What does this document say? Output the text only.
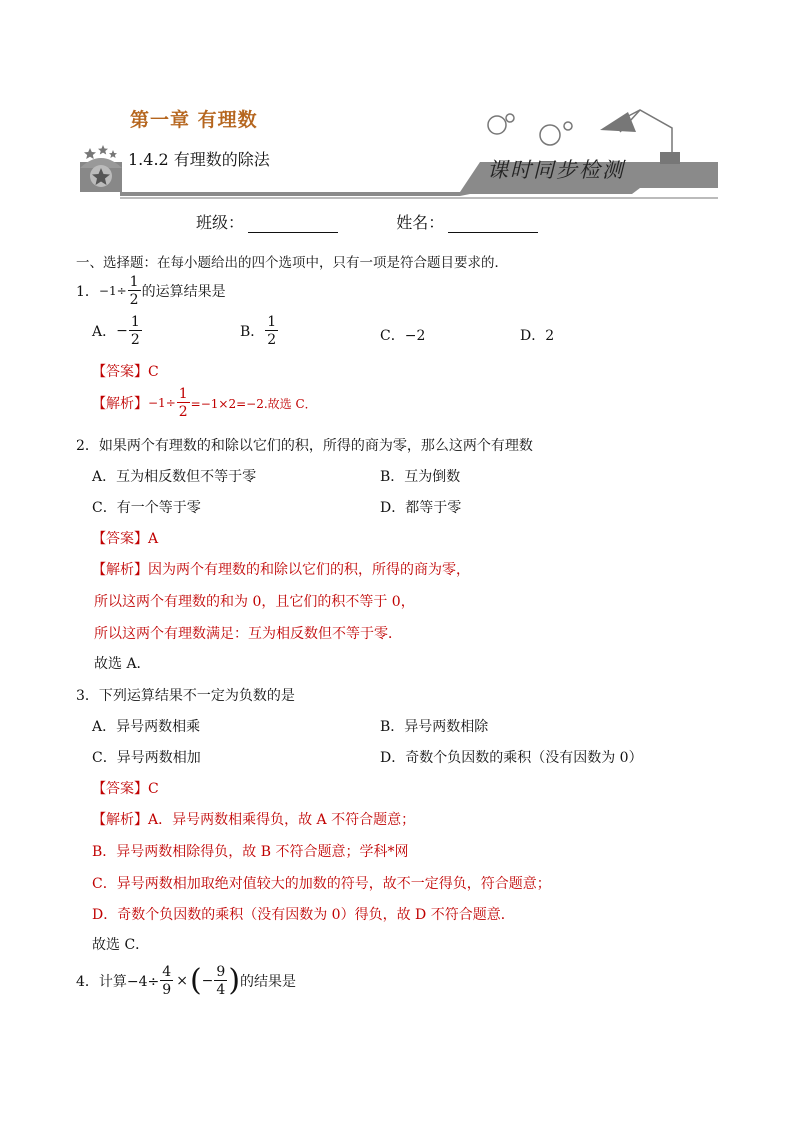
第一章 有理数
1.4.2 有理数的除法	课时同步检测
班级：	姓名：
一、选择题：在每小题给出的四个选项中，只有一项是符合题目要求的．
1． $-1\div \frac{1}{2}$ 的运算结果是
A． − $\frac{1}{2}$	B． $\frac{1}{2}$	C．−2	D．2
【答案】C
【解析】 $-1\div \frac{1}{2} =-1\times 2=-2$.故选 C．
2．如果两个有理数的和除以它们的积，所得的商为零，那么这两个有理数
A．互为相反数但不等于零	B．互为倒数
C．有一个等于零	D．都等于零
【答案】A
【解析】因为两个有理数的和除以它们的积，所得的商为零，
所以这两个有理数的和为 0，且它们的积不等于 0，
所以这两个有理数满足：互为相反数但不等于零．
故选 A．
3．下列运算结果不一定为负数的是
A．异号两数相乘	B．异号两数相除
C．异号两数相加	D．奇数个负因数的乘积（没有因数为 0）
【答案】C
【解析】A．异号两数相乘得负，故 A 不符合题意；
B．异号两数相除得负，故 B 不符合题意；学科*网
C．异号两数相加取绝对值较大的加数的符号，故不一定得负，符合题意；
D．奇数个负因数的乘积（没有因数为 0）得负，故 D 不符合题意．
故选 C．
4． 计算$-4\div \frac{4}{9}$ × ( − $\frac{9}{4}$ ) 的结果是
